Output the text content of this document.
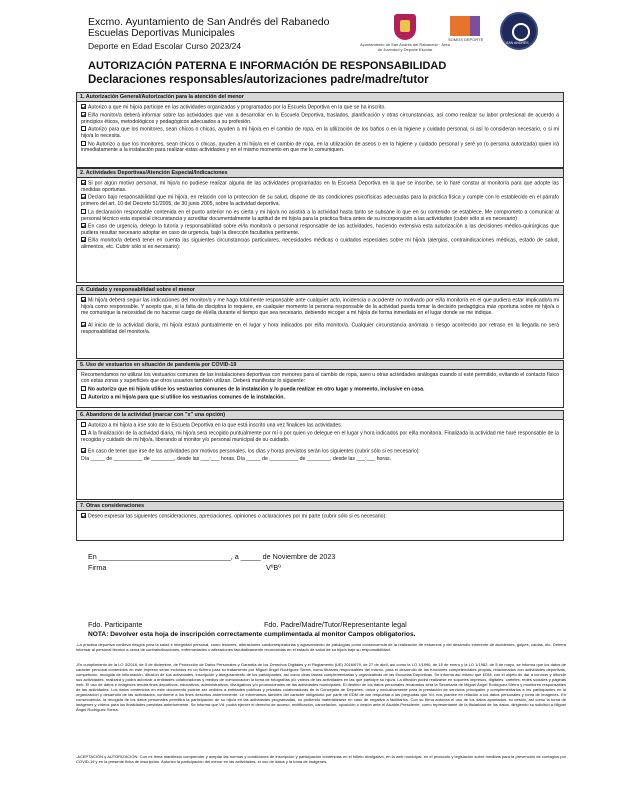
Excmo. Ayuntamiento de San Andrés del Rabanedo
Escuelas Deportivas Municipales
Deporte en Edad Escolar Curso 2023/24	Ayuntamiento de San Andrés del Rabanedo · Área de Juventud y Deporte Escolar
SOMOS DEPORTE
SAN ANDRÉS
AUTORIZACIÓN PATERNA E INFORMACIÓN DE RESPONSABILIDAD
Declaraciones responsables/autorizaciones padre/madre/tutor
1. Autorización General/Autorización para la atención del menor
Autorizo a que mi hijo/a participe en las actividades organizadas y programadas por la Escuela Deportiva en la que se ha inscrito.
El/la monitor/a deberá informar sobre las actividades que van a desarrollar en la Escuela Deportiva, traslados, planificación y otras circunstancias, así como realizar su labor profesional de acuerdo a principios éticos, metodológicos y pedagógicos adecuados a su profesión.
Autorizo para que los monitores, sean chicos o chicas, ayuden a mi hijo/a en el cambio de ropa, en la utilización de los baños o en la higiene y cuidado personal, si así lo consideran necesario, o si mi hijo/a lo necesita.
No Autorizo a que los monitores, sean chicos o chicas, ayuden a mi hijo/a en el cambio de ropa, en la utilización de aseos o en la higiene y cuidado personal y seré yo (o persona autorizada) quien irá inmediatamente a la instalación para realizar estas actividades y en el mismo momento en que me lo comuniquen.
2. Actividades Deportivas/Atención Especial/Indicaciones
Si por algún motivo personal, mi hijo/a no pudiese realizar alguna de las actividades programadas en la Escuela Deportiva en la que se inscribe, se lo haré constar al monitor/a para que adopte las medidas oportunas.
Declaro bajo responsabilidad que mi hijo/a, en relación con la protección de su salud, dispone de las condiciones psicofísicas adecuadas para la práctica física y cumple con lo establecido en el párrafo primero del art. 10 del Decreto 51/2005, de 30 junio 2005, sobre la actividad deportiva.
La declaración responsable contenida en el punto anterior no es cierta y mi hijo/a no asistirá a la actividad hasta tanto se subsane lo que en su contenido se establece. Me comprometo a comunicar al personal técnico esta especial circunstancia y acreditar documentalmente la aptitud de mi hijo/a para la práctica física antes de su incorporación a las actividades (cubrir sólo si es necesario)
En caso de urgencia, delego la tutoría y responsabilidad sobre el/la monitor/a o personal responsable de las actividades, haciendo extensiva esta autorización a las decisiones médico-quirúrgicas que pudiera resultar necesario adoptar en caso de urgencia, bajo la dirección facultativa pertinente.
El/la monitor/a deberá tener en cuenta las siguientes circunstancias particulares, necesidades médicas o cuidados especiales sobre mi hijo/a (alergias, contraindicaciones médicas, estado de salud, alimentos, etc. Cubrir sólo si es necesario):
4. Cuidado y responsabilidad sobre el menor
Mi hijo/a deberá seguir las indicaciones del monitor/a y me hago totalmente responsable ante cualquier acto, incidencia o accidente no motivado por el/la monitor/a en el que pudiera estar implicado/a mi hijo/a como responsable. Y acepto que, si la falta de disciplina lo requiere, en cualquier momento la persona responsable de la actividad pueda tomar la decisión pedagógica más oportuna sobre mi hijo/a o me comunique la necesidad de no hacerse cargo de él/ella durante el tiempo que sea necesario, debiendo recoger a mi hijo/a de forma inmediata en el lugar donde se me indique.
Al inicio de la actividad diaria, mi hijo/a estará puntualmente en el lugar y hora indicados por el/la monitor/a. Cualquier circunstancia anómala o riesgo acontecido por retraso en la llegada no será responsabilidad del monitor/a.
5. Uso de vestuarios en situación de pandemia por COVID-19
Recomendamos no utilizar los vestuarios comunes de las instalaciones deportivas con menores para el cambio de ropa, aseo u otras actividades análogas cuando sí esté permitido, evitando el contacto físico con estas zonas y superficies que otros usuarios también utilizan. Deberá manifestar lo siguiente:
No autorizo que mi hijo/a utilice los vestuarios comunes de la instalación y lo pueda realizar en otro lugar y momento, inclusive en casa.
Autorizo a mi hijo/a para que sí utilice los vestuarios comunes de la instalación.
6. Abandono de la actividad (marcar con "x" una opción)
Autorizo a mi hijo/a a irse solo de la Escuela Deportiva en la que está inscrito una vez finalicen las actividades.
A la finalización de la actividad diaria, mi hijo/a será recogido puntualmente por mí o por quien yo delegue en el lugar y hora indicados por el/la monitor/a. Finalizada la actividad me haré responsable de la recogida y cuidado de mi hijo/a, liberando al monitor y/o personal municipal de su cuidado.
En caso de tener que irse de las actividades por motivos personales, los días y horas previstos serán los siguientes (cubrir sólo si es necesario):
Día _____ de __________ de ________, desde las ___:___ horas. Día _____ de __________ de ________, desde las ___:___ horas.
7. Otras consideraciones
Deseo expresar las siguientes consideraciones, apreciaciones, opiniones o aclaraciones por mi parte (cubrir sólo si es necesario):
En _________________________________, a _____ de Noviembre de 2023
Firma	VºBº
Fdo. Participante	Fdo. Padre/Madre/Tutor/Representante legal
NOTA: Devolver esta hoja de inscripción correctamente cumplimentada al monitor Campos obligatorios.
-La práctica deportiva conlleva riesgos para la salud e integridad personal, como lesiones, alteraciones cardiorrespiratorias y agravamiento de patologías como consecuencia de la realización de esfuerzos y del desarrollo inherente de accidentes, golpes, caídas, etc. Deberá informar al personal técnico a cerca de contraindicaciones, enfermedades o alteraciones facultativamente reconocidas en el estado de salud de su hijo/a bajo su responsabilidad.
-En cumplimiento de la LO 3/2018, de 5 de diciembre, de Protección de Datos Personales y Garantía de los Derechos Digitales y el Reglamento (UE) 2016/679, de 27 de abril, así como la LO 1/1996, de 15 de enero y la LO 1/1982, de 5 de mayo, se informa que los datos de carácter personal contenidos en este impreso serán incluidos en un fichero para su tratamiento por Miguel Ángel Rodríguez Sierra, como titulares responsables del mismo, para el desarrollo de las funciones competenciales propias, relacionados con actividades deportivas, competición, recogida de información, difusión de sus actividades, inscripción y aseguramiento de los participantes, así como otras tareas complementarias y organizativas de las Escuelas Deportivas. Se informa así mismo que EDM, con el objeto de dar a conocer y difundir sus actividades, realizará y podrá autorizar a entidades colaboradoras y medios de comunicación la toma de fotografías y/o vídeos de las actividades en las que participe su hijo/a. La difusión podrá realizarse en soportes impresos, digitales, carteles, redes sociales y páginas web. El uso de datos e imágenes tendrá fines deportivos, educativos, administrativos, divulgativos y/o promocionales de las actividades municipales. El destino de los datos personales recabados será la Secretaría de Miguel Ángel Rodríguez Sierra y monitores responsables de las actividades. Los datos contenidos en este documento podrán ser cedidos a entidades públicas y privadas colaboradoras de la Concejalía de Deportes, única y exclusivamente para la prestación de servicios principales y complementarios a los participantes en la organización y desarrollo de las actividades, conforme a los fines descritos anteriormente. Le informamos también del carácter obligatorio por parte de EDM de dar respuesta a las preguntas que Vd. nos plantee en relación a los datos personales y toma de imágenes. En consecuencia, la recogida de los datos personales permitirá la participación de su hijo/a en las actividades programadas, no pudiendo materializarse en caso de negativa a facilitarlos. Con su firma autoriza el uso de los datos apuntados, su cesión, así como la toma de imágenes y vídeos para los finalidades previstas anteriormente. Se informa que Vd. podrá ejercer el derecho de acceso, rectificación, cancelación, oposición o cesión ante el Alcalde-Presidente, como representante de la titularidad de los datos, dirigiendo su solicitud a Miguel Ángel Rodríguez Sierra.
-ACEPTACIÓN y AUTORIZACIÓN: Con mi firma manifiesto comprender y aceptar las normas y condiciones de inscripción y participación contenidas en el folleto divulgativo, en la web municipal, en el protocolo y legislación sobre medidas para la prevención de contagios por COVID-19 y en la presente ficha de inscripción. Autorizo la participación del menor en las actividades, el uso de datos y la toma de imágenes.
